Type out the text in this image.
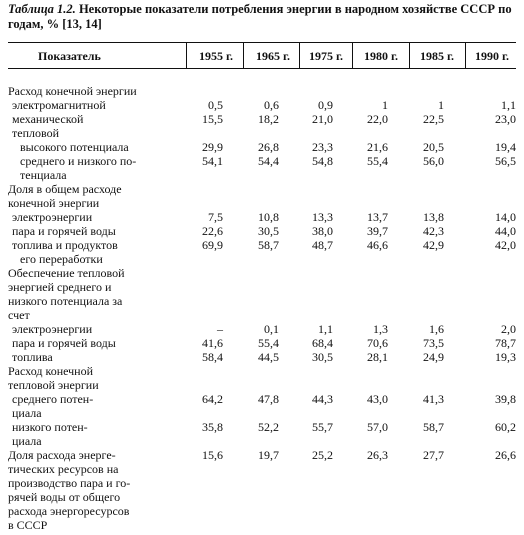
Таблица 1.2. Некоторые показатели потребления энергии в народном хозяйстве СССР по годам, % [13, 14]
Показатель	1955 г.	1965 г.	1975 г.	1980 г.	1985 г.	1990 г.
Расход конечной энергии
электромагнитной	0,5	0,6	0,9	1	1	1,1
механической	15,5	18,2	21,0	22,0	22,5	23,0
тепловой
высокого потенциала	29,9	26,8	23,3	21,6	20,5	19,4
среднего и низкого по-	54,1	54,4	54,8	55,4	56,0	56,5
тенциала
Доля в общем расходе
конечной энергии
электроэнергии	7,5	10,8	13,3	13,7	13,8	14,0
пара и горячей воды	22,6	30,5	38,0	39,7	42,3	44,0
топлива и продуктов	69,9	58,7	48,7	46,6	42,9	42,0
его переработки
Обеспечение тепловой
энергией среднего и
низкого потенциала за
счет
электроэнергии	–	0,1	1,1	1,3	1,6	2,0
пара и горячей воды	41,6	55,4	68,4	70,6	73,5	78,7
топлива	58,4	44,5	30,5	28,1	24,9	19,3
Расход конечной
тепловой энергии
среднего потен-	64,2	47,8	44,3	43,0	41,3	39,8
циала
низкого потен-	35,8	52,2	55,7	57,0	58,7	60,2
циала
Доля расхода энерге-	15,6	19,7	25,2	26,3	27,7	26,6
тических ресурсов на
производство пара и го-
рячей воды от общего
расхода энергоресурсов
в СССР
